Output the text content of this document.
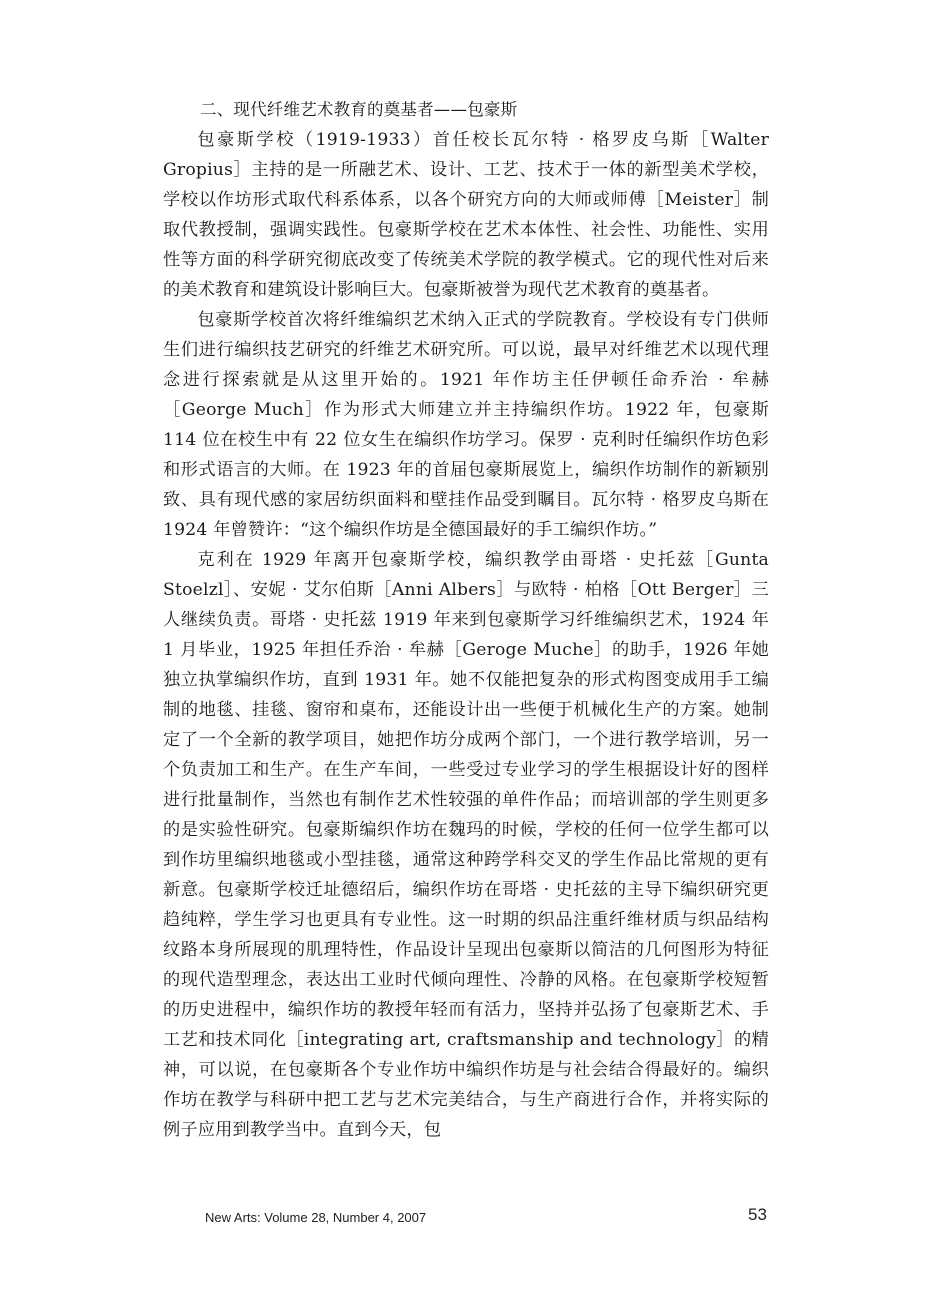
二、现代纤维艺术教育的奠基者——包豪斯

包豪斯学校（1919-1933）首任校长瓦尔特 · 格罗皮乌斯［Walter Gropius］主持的是一所融艺术、设计、工艺、技术于一体的新型美术学校，学校以作坊形式取代科系体系，以各个研究方向的大师或师傅［Meister］制取代教授制，强调实践性。包豪斯学校在艺术本体性、社会性、功能性、实用性等方面的科学研究彻底改变了传统美术学院的教学模式。它的现代性对后来的美术教育和建筑设计影响巨大。包豪斯被誉为现代艺术教育的奠基者。

包豪斯学校首次将纤维编织艺术纳入正式的学院教育。学校设有专门供师生们进行编织技艺研究的纤维艺术研究所。可以说，最早对纤维艺术以现代理念进行探索就是从这里开始的。1921 年作坊主任伊顿任命乔治 · 牟赫［George Much］作为形式大师建立并主持编织作坊。1922 年，包豪斯 114 位在校生中有 22 位女生在编织作坊学习。保罗 · 克利时任编织作坊色彩和形式语言的大师。在 1923 年的首届包豪斯展览上，编织作坊制作的新颖别致、具有现代感的家居纺织面料和壁挂作品受到瞩目。瓦尔特 · 格罗皮乌斯在 1924 年曾赞许：“这个编织作坊是全德国最好的手工编织作坊。”

克利在 1929 年离开包豪斯学校，编织教学由哥塔 · 史托兹［Gunta Stoelzl］、安妮 · 艾尔伯斯［Anni Albers］与欧特 · 柏格［Ott Berger］三人继续负责。哥塔 · 史托兹 1919 年来到包豪斯学习纤维编织艺术，1924 年 1 月毕业，1925 年担任乔治 · 牟赫［Geroge Muche］的助手，1926 年她独立执掌编织作坊，直到 1931 年。她不仅能把复杂的形式构图变成用手工编制的地毯、挂毯、窗帘和桌布，还能设计出一些便于机械化生产的方案。她制定了一个全新的教学项目，她把作坊分成两个部门，一个进行教学培训，另一个负责加工和生产。在生产车间，一些受过专业学习的学生根据设计好的图样进行批量制作，当然也有制作艺术性较强的单件作品；而培训部的学生则更多的是实验性研究。包豪斯编织作坊在魏玛的时候，学校的任何一位学生都可以到作坊里编织地毯或小型挂毯，通常这种跨学科交叉的学生作品比常规的更有新意。包豪斯学校迁址德绍后，编织作坊在哥塔 · 史托兹的主导下编织研究更趋纯粹，学生学习也更具有专业性。这一时期的织品注重纤维材质与织品结构纹路本身所展现的肌理特性，作品设计呈现出包豪斯以简洁的几何图形为特征的现代造型理念，表达出工业时代倾向理性、冷静的风格。在包豪斯学校短暂的历史进程中，编织作坊的教授年轻而有活力，坚持并弘扬了包豪斯艺术、手工艺和技术同化［integrating art, craftsmanship and technology］的精神，可以说，在包豪斯各个专业作坊中编织作坊是与社会结合得最好的。编织作坊在教学与科研中把工艺与艺术完美结合，与生产商进行合作，并将实际的例子应用到教学当中。直到今天，包

New Arts: Volume 28, Number 4, 2007	53
